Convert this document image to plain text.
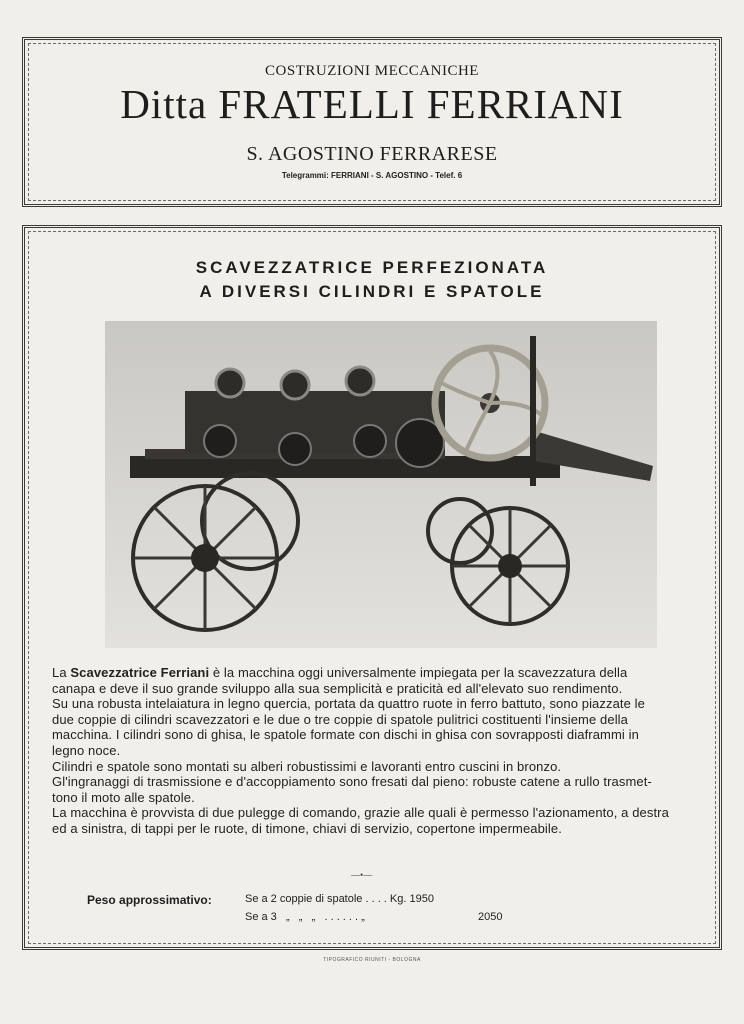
COSTRUZIONI MECCANICHE
Ditta FRATELLI FERRIANI
S. AGOSTINO FERRARESE
Telegrammi: FERRIANI - S. AGOSTINO - Telef. 6
SCAVEZZATRICE PERFEZIONATA
A DIVERSI CILINDRI E SPATOLE

La Scavezzatrice Ferriani è la macchina oggi universalmente impiegata per la scavezzatura della

canapa e deve il suo grande sviluppo alla sua semplicità e praticità ed all'elevato suo rendimento.

Su una robusta intelaiatura in legno quercia, portata da quattro ruote in ferro battuto, sono piazzate le

due coppie di cilindri scavezzatori e le due o tre coppie di spatole pulitrici costituenti l'insieme della

macchina. I cilindri sono di ghisa, le spatole formate con dischi in ghisa con sovrapposti diaframmi in

legno noce.

Cilindri e spatole sono montati su alberi robustissimi e lavoranti entro cuscini in bronzo.

Gl'ingranaggi di trasmissione e d'accoppiamento sono fresati dal pieno: robuste catene a rullo trasmet-

tono il moto alle spatole.

La macchina è provvista di due pulegge di comando, grazie alle quali è permesso l'azionamento, a destra

ed a sinistra, di tappi per le ruote, di timone, chiavi di servizio, copertone impermeabile.

—•—
Peso approssimativo:	Se a 2 coppie di spatole . . . . Kg. 1950
Se a 3   „   „   „   . . . . . . „	2050
TIPOGRAFICO RIUNITI - BOLOGNA
